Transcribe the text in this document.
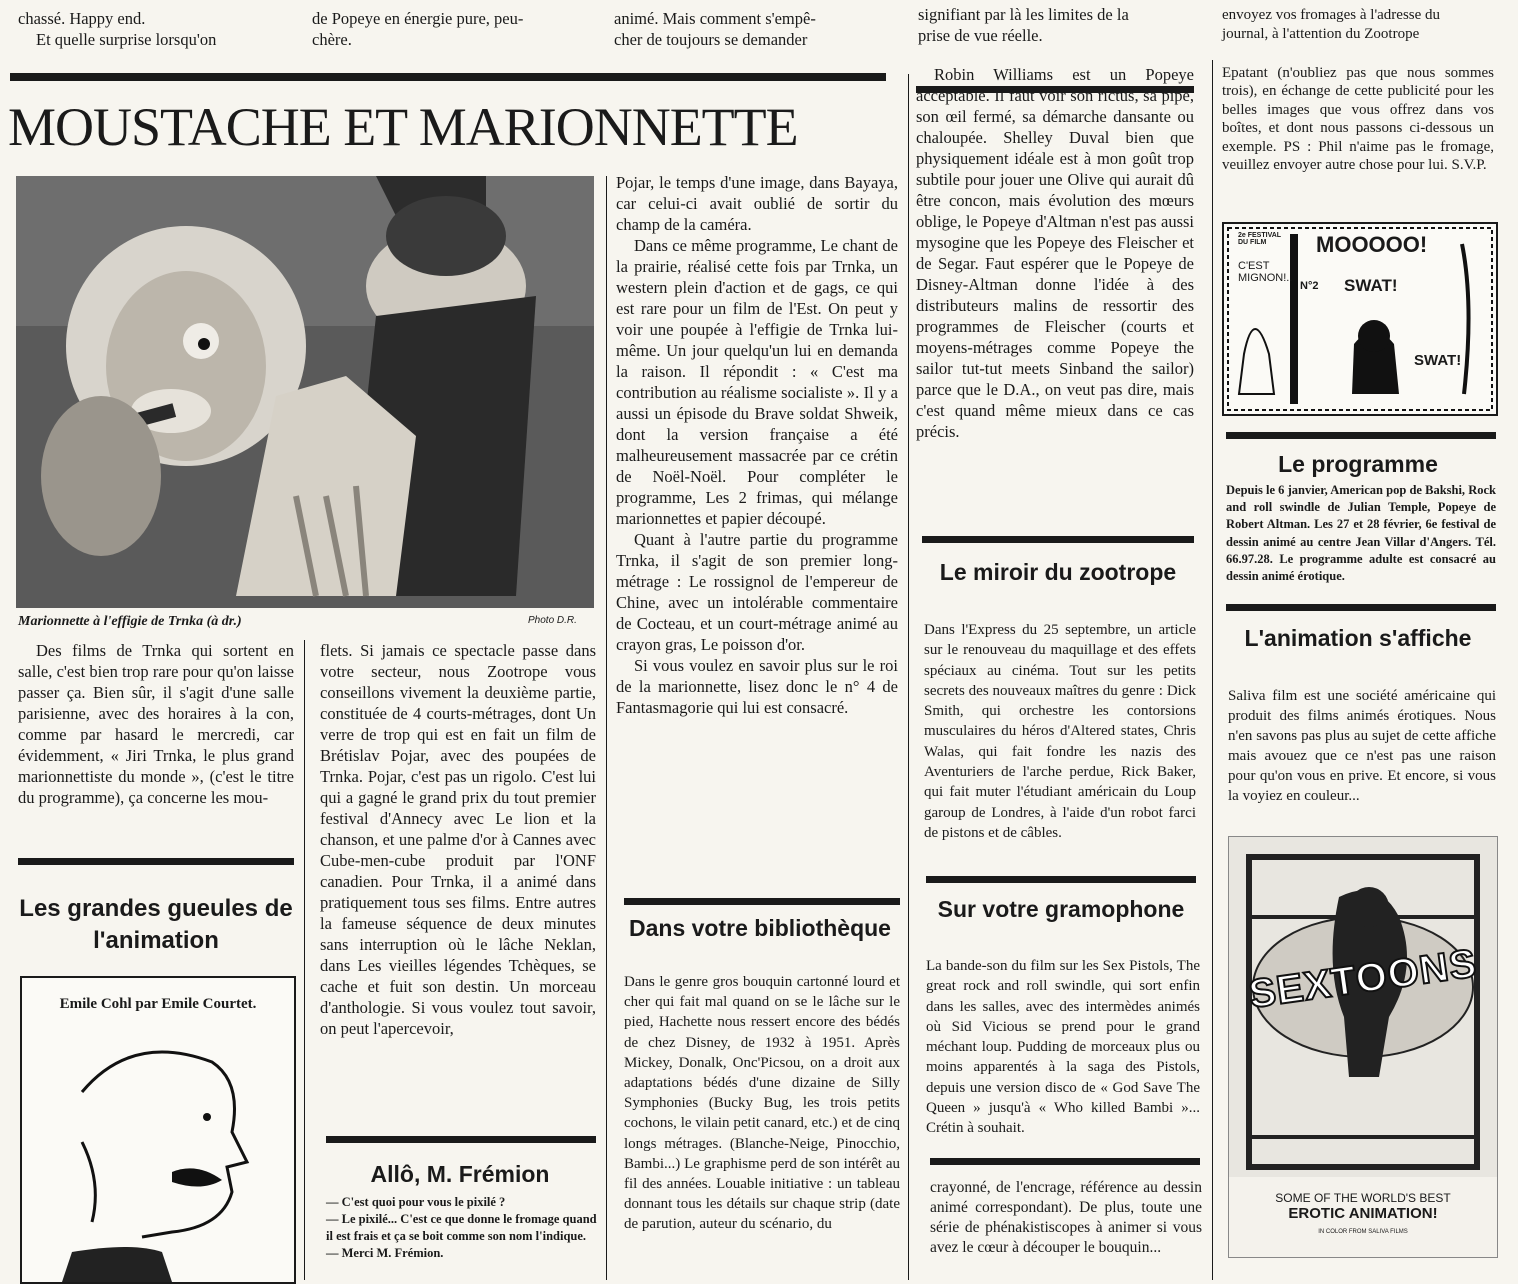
chassé. Happy end.

Et quelle surprise lorsqu'on

de Popeye en énergie pure, peu-

chère.

animé. Mais comment s'empê-

cher de toujours se demander

signifiant par là les limites de la

prise de vue réelle.

envoyez vos fromages à l'adresse du

journal, à l'attention du Zootrope

MOUSTACHE ET MARIONNETTE
Marionnette à l'effigie de Trnka (à dr.)	Photo D.R.
Des films de Trnka qui sortent en salle, c'est bien trop rare pour qu'on laisse passer ça. Bien sûr, il s'agit d'une salle parisienne, avec des horaires à la con, comme par hasard le mercredi, car évidemment, « Jiri Trnka, le plus grand marionnettiste du monde », (c'est le titre du programme), ça concerne les mou-
Les grandes gueules de l'animation
Emile Cohl par Emile Courtet.
flets. Si jamais ce spectacle passe dans votre secteur, nous Zootrope vous conseillons vivement la deuxième partie, constituée de 4 courts-métrages, dont Un verre de trop qui est en fait un film de Brétislav Pojar, avec des poupées de Trnka. Pojar, c'est pas un rigolo. C'est lui qui a gagné le grand prix du tout premier festival d'Annecy avec Le lion et la chanson, et une palme d'or à Cannes avec Cube-men-cube produit par l'ONF canadien. Pour Trnka, il a animé dans pratiquement tous ses films. Entre autres la fameuse séquence de deux minutes sans interruption où le lâche Neklan, dans Les vieilles légendes Tchèques, se cache et fuit son destin. Un morceau d'anthologie. Si vous voulez tout savoir, on peut l'apercevoir,
Allô, M. Frémion
— C'est quoi pour vous le pixilé ?
— Le pixilé... C'est ce que donne le fromage quand il est frais et ça se boit comme son nom l'indique.
— Merci M. Frémion.

Pojar, le temps d'une image, dans Bayaya, car celui-ci avait oublié de sortir du champ de la caméra.

Dans ce même programme, Le chant de la prairie, réalisé cette fois par Trnka, un western plein d'action et de gags, ce qui est rare pour un film de l'Est. On peut y voir une poupée à l'effigie de Trnka lui-même. Un jour quelqu'un lui en demanda la raison. Il répondit : « C'est ma contribution au réalisme socialiste ». Il y a aussi un épisode du Brave soldat Shweik, dont la version française a été malheureusement massacrée par ce crétin de Noël-Noël. Pour compléter le programme, Les 2 frimas, qui mélange marionnettes et papier découpé.

Quant à l'autre partie du programme Trnka, il s'agit de son premier long-métrage : Le rossignol de l'empereur de Chine, avec un intolérable commentaire de Cocteau, et un court-métrage animé au crayon gras, Le poisson d'or.

Si vous voulez en savoir plus sur le roi de la marionnette, lisez donc le n° 4 de Fantasmagorie qui lui est consacré.

Dans votre bibliothèque
Dans le genre gros bouquin cartonné lourd et cher qui fait mal quand on se le lâche sur le pied, Hachette nous ressert encore des bédés de chez Disney, de 1932 à 1951. Après Mickey, Donalk, Onc'Picsou, on a droit aux adaptations bédés d'une dizaine de Silly Symphonies (Bucky Bug, les trois petits cochons, le vilain petit canard, etc.) et de cinq longs métrages. (Blanche-Neige, Pinocchio, Bambi...) Le graphisme perd de son intérêt au fil des années. Louable initiative : un tableau donnant tous les détails sur chaque strip (date de parution, auteur du scénario, du
Robin Williams est un Popeye acceptable. Il faut voir son rictus, sa pipe, son œil fermé, sa démarche dansante ou chaloupée. Shelley Duval bien que physiquement idéale est à mon goût trop subtile pour jouer une Olive qui aurait dû être concon, mais évolution des mœurs oblige, le Popeye d'Altman n'est pas aussi mysogine que les Popeye des Fleischer et de Segar. Faut espérer que le Popeye de Disney-Altman donne l'idée à des distributeurs malins de ressortir des programmes de Fleischer (courts et moyens-métrages comme Popeye the sailor tut-tut meets Sinband the sailor) parce que le D.A., on veut pas dire, mais c'est quand même mieux dans ce cas précis.
Le miroir du zootrope
Dans l'Express du 25 septembre, un article sur le renouveau du maquillage et des effets spéciaux au cinéma. Tout sur les petits secrets des nouveaux maîtres du genre : Dick Smith, qui orchestre les contorsions musculaires du héros d'Altered states, Chris Walas, qui fait fondre les nazis des Aventuriers de l'arche perdue, Rick Baker, qui fait muter l'étudiant américain du Loup garoup de Londres, à l'aide d'un robot farci de pistons et de câbles.
Sur votre gramophone
La bande-son du film sur les Sex Pistols, The great rock and roll swindle, qui sort enfin dans les salles, avec des intermèdes animés où Sid Vicious se prend pour le grand méchant loup. Pudding de morceaux plus ou moins apparentés à la saga des Pistols, depuis une version disco de « God Save The Queen » jusqu'à « Who killed Bambi »... Crétin à souhait.
crayonné, de l'encrage, référence au dessin animé correspondant). De plus, toute une série de phénakistiscopes à animer si vous avez le cœur à découper le bouquin...
Epatant (n'oubliez pas que nous sommes trois), en échange de cette publicité pour les belles images que vous offrez dans vos boîtes, et dont nous passons ci-dessous un exemple. PS : Phil n'aime pas le fromage, veuillez envoyer autre chose pour lui. S.V.P.
2e FESTIVAL DU FILM	MOOOOO!
C'EST MIGNON!..	SWAT!
SWAT!
N°2
Le programme
Depuis le 6 janvier, American pop de Bakshi, Rock and roll swindle de Julian Temple, Popeye de Robert Altman. Les 27 et 28 février, 6e festival de dessin animé au centre Jean Villar d'Angers. Tél. 66.97.28. Le programme adulte est consacré au dessin animé érotique.
L'animation s'affiche
Saliva film est une société américaine qui produit des films animés érotiques. Nous n'en savons pas plus au sujet de cette affiche mais avouez que ce n'est pas une raison pour qu'on vous en prive. Et encore, si vous la voyiez en couleur...
SEXTOONS
SOME OF THE WORLD'S BEST
EROTIC ANIMATION!
IN COLOR FROM SALIVA FILMS
